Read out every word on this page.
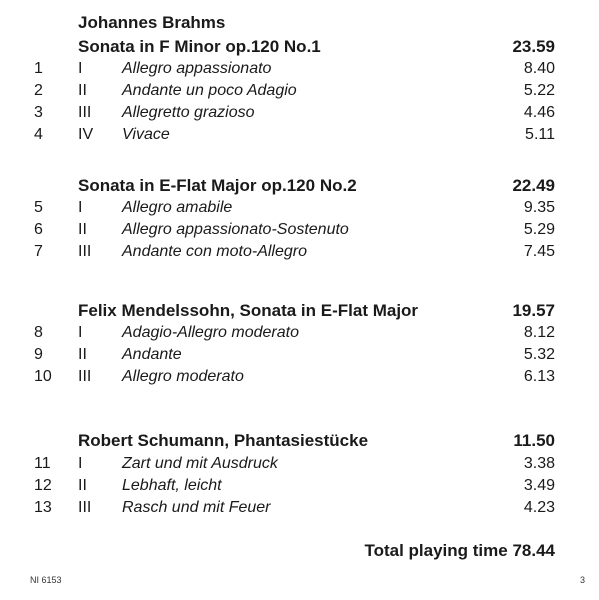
Johannes Brahms
Sonata in F Minor op.120 No.1	23.59
1 I Allegro appassionato	8.40
2 II Andante un poco Adagio	5.22
3 III Allegretto grazioso	4.46
4 IV Vivace	5.11
Sonata in E-Flat Major op.120 No.2	22.49
5 I Allegro amabile	9.35
6 II Allegro appassionato-Sostenuto	5.29
7 III Andante con moto-Allegro	7.45
Felix Mendelssohn, Sonata in E-Flat Major	19.57
8 I Adagio-Allegro moderato	8.12
9 II Andante	5.32
10 III Allegro moderato	6.13
Robert Schumann, Phantasiestücke	11.50
11 I Zart und mit Ausdruck	3.38
12 II Lebhaft, leicht	3.49
13 III Rasch und mit Feuer	4.23
Total playing time 78.44
NI 6153	3
